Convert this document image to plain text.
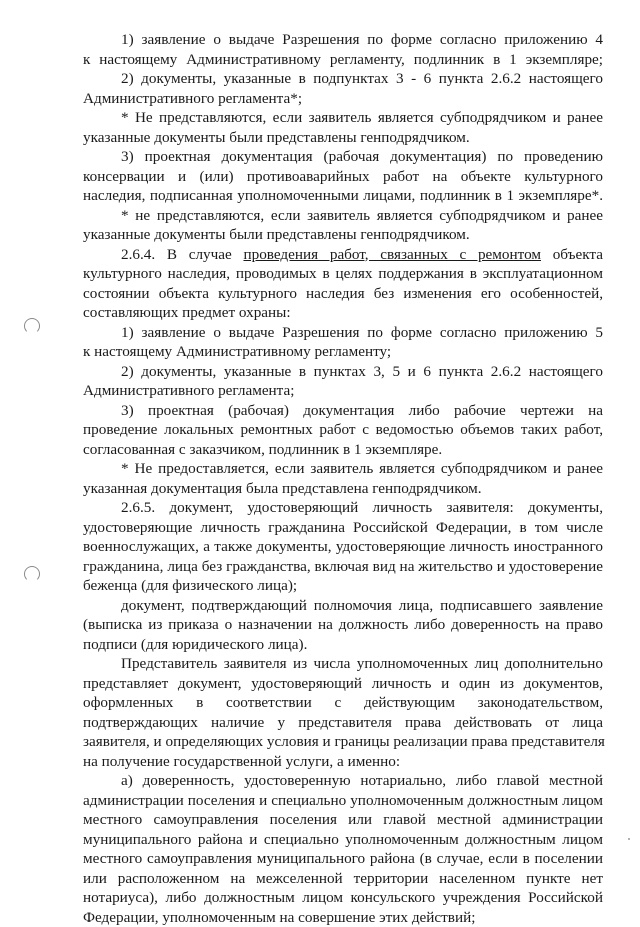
1) заявление о выдаче Разрешения по форме согласно приложению 4
к настоящему Административному регламенту, подлинник в 1 экземпляре;
2) документы, указанные в подпунктах 3 - 6 пункта 2.6.2 настоящего
Административного регламента*;
* Не представляются, если заявитель является субподрядчиком и ранее
указанные документы были представлены генподрядчиком.
3) проектная документация (рабочая документация) по проведению
консервации и (или) противоаварийных работ на объекте культурного
наследия, подписанная уполномоченными лицами, подлинник в 1 экземпляре*.
* не представляются, если заявитель является субподрядчиком и ранее
указанные документы были представлены генподрядчиком.
2.6.4. В случае проведения работ, связанных с ремонтом объекта
культурного наследия, проводимых в целях поддержания в эксплуатационном
состоянии объекта культурного наследия без изменения его особенностей,
составляющих предмет охраны:
1) заявление о выдаче Разрешения по форме согласно приложению 5
к настоящему Административному регламенту;
2) документы, указанные в пунктах 3, 5 и 6 пункта 2.6.2 настоящего
Административного регламента;
3) проектная (рабочая) документация либо рабочие чертежи на
проведение локальных ремонтных работ с ведомостью объемов таких работ,
согласованная с заказчиком, подлинник в 1 экземпляре.
* Не предоставляется, если заявитель является субподрядчиком и ранее
указанная документация была представлена генподрядчиком.
2.6.5. документ, удостоверяющий личность заявителя: документы,
удостоверяющие личность гражданина Российской Федерации, в том числе
военнослужащих, а также документы, удостоверяющие личность иностранного
гражданина, лица без гражданства, включая вид на жительство и удостоверение
беженца (для физического лица);
документ, подтверждающий полномочия лица, подписавшего заявление
(выписка из приказа о назначении на должность либо доверенность на право
подписи (для юридического лица).
Представитель заявителя из числа уполномоченных лиц дополнительно
представляет документ, удостоверяющий личность и один из документов,
оформленных в соответствии с действующим законодательством,
подтверждающих наличие у представителя права действовать от лица
заявителя, и определяющих условия и границы реализации права представителя
на получение государственной услуги, а именно:
а) доверенность, удостоверенную нотариально, либо главой местной
администрации поселения и специально уполномоченным должностным лицом
местного самоуправления поселения или главой местной администрации
муниципального района и специально уполномоченным должностным лицом
местного самоуправления муниципального района (в случае, если в поселении
или расположенном на межселенной территории населенном пункте нет
нотариуса), либо должностным лицом консульского учреждения Российской
Федерации, уполномоченным на совершение этих действий;
